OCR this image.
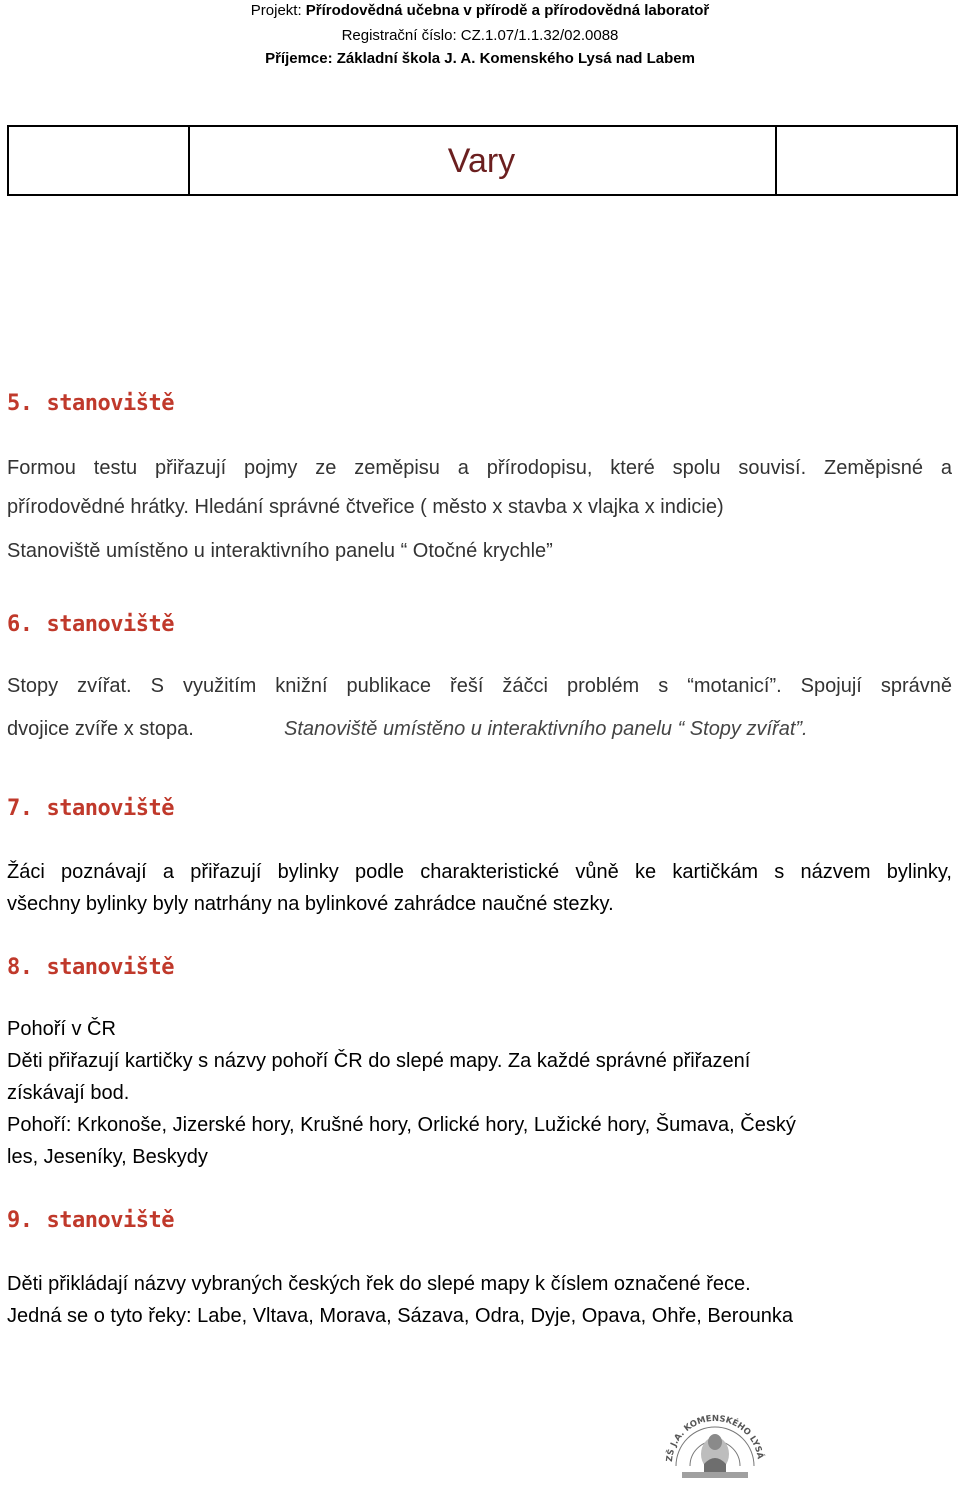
Projekt: Přírodovědná učebna v přírodě a přírodovědná laboratoř
Registrační číslo: CZ.1.07/1.1.32/02.0088
Příjemce: Základní škola J. A. Komenského Lysá nad Labem
Vary
5. stanoviště
Formou testu přiřazují pojmy ze zeměpisu a přírodopisu, které spolu souvisí. Zeměpisné a
přírodovědné hrátky. Hledání správné čtveřice ( město x stavba x vlajka x indicie)
Stanoviště umístěno u interaktivního panelu “ Otočné krychle”
6. stanoviště
Stopy zvířat. S využitím knižní publikace řeší žáčci problém s “motanicí”. Spojují správně
dvojice zvíře x stopa.	Stanoviště umístěno u interaktivního panelu “ Stopy zvířat”.
7. stanoviště
Žáci poznávají a přiřazují bylinky podle charakteristické vůně ke kartičkám s názvem bylinky,
všechny bylinky byly natrhány na bylinkové zahrádce naučné stezky.
8. stanoviště
Pohoří v ČR
Děti přiřazují kartičky s názvy pohoří ČR do slepé mapy. Za každé správné přiřazení
získávají bod.
Pohoří: Krkonoše, Jizerské hory, Krušné hory, Orlické hory, Lužické hory, Šumava, Český
les, Jeseníky, Beskydy
9. stanoviště
Děti přikládají názvy vybraných českých řek do slepé mapy k číslem označené řece.
Jedná se o tyto řeky: Labe, Vltava, Morava, Sázava, Odra, Dyje, Opava, Ohře, Berounka
ZŠ J.A. KOMENSKÉHO LYSÁ
